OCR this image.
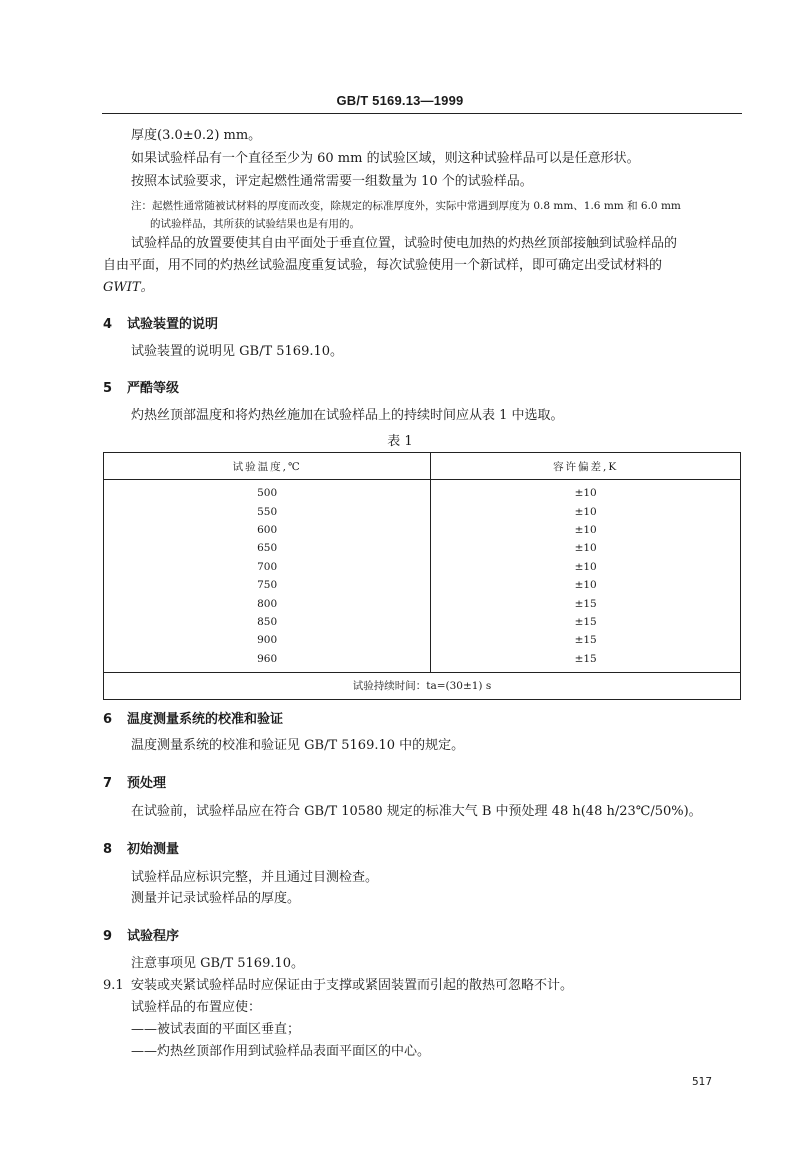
GB/T 5169.13—1999
厚度(3.0±0.2) mm。
如果试验样品有一个直径至少为 60 mm 的试验区域，则这种试验样品可以是任意形状。
按照本试验要求，评定起燃性通常需要一组数量为 10 个的试验样品。
注：起燃性通常随被试材料的厚度而改变，除规定的标准厚度外，实际中常遇到厚度为 0.8 mm、1.6 mm 和 6.0 mm
的试验样品，其所获的试验结果也是有用的。
试验样品的放置要使其自由平面处于垂直位置，试验时使电加热的灼热丝顶部接触到试验样品的
自由平面，用不同的灼热丝试验温度重复试验，每次试验使用一个新试样，即可确定出受试材料的
GWIT。
4 试验装置的说明
试验装置的说明见 GB/T 5169.10。
5 严酷等级
灼热丝顶部温度和将灼热丝施加在试验样品上的持续时间应从表 1 中选取。
表 1
试验温度,℃	容许偏差,K
500	±10
550	±10
600	±10
650	±10
700	±10
750	±10
800	±15
850	±15
900	±15
960	±15
试验持续时间：ta=(30±1) s	
6 温度测量系统的校准和验证
温度测量系统的校准和验证见 GB/T 5169.10 中的规定。
7 预处理
在试验前，试验样品应在符合 GB/T 10580 规定的标准大气 B 中预处理 48 h(48 h/23℃/50%)。
8 初始测量
试验样品应标识完整，并且通过目测检查。
测量并记录试验样品的厚度。
9 试验程序
注意事项见 GB/T 5169.10。
9.1 安装或夹紧试验样品时应保证由于支撑或紧固装置而引起的散热可忽略不计。
试验样品的布置应使：
——被试表面的平面区垂直；
——灼热丝顶部作用到试验样品表面平面区的中心。
517
